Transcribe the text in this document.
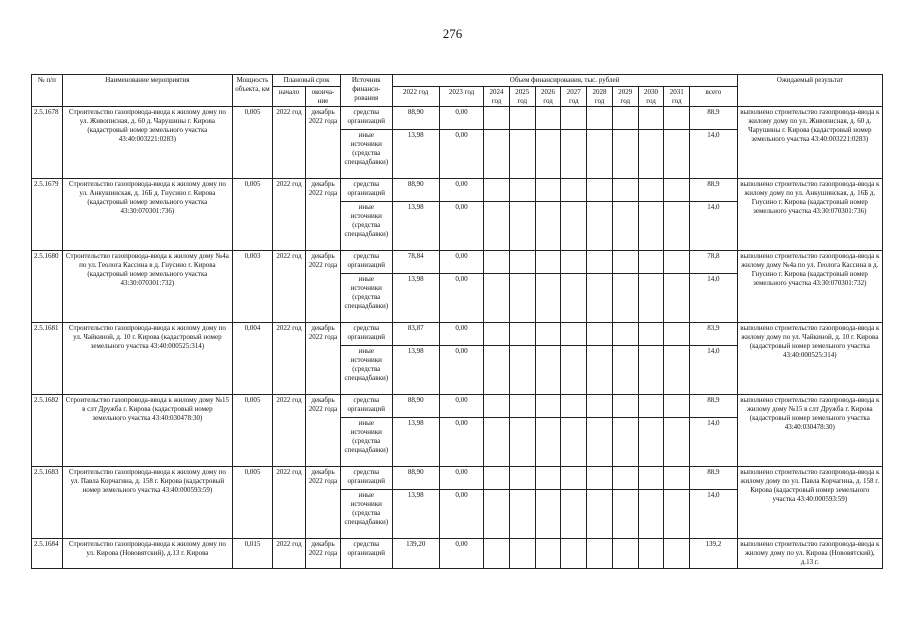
276
№ п/п	Наименование мероприятия	Мощность объекта, км	Плановый срок		Источник финанси-рования	Объем финансирования, тыс. рублей											Ожидаемый результат
			начало	оконча-ние		2022 год	2023 год	2024 год	2025 год	2026 год	2027 год	2028 год	2029 год	2030 год	2031 год	всего	
2.5.1678	Строительство газопровода-ввода к жилому дому по ул. Живописная, д. 60 д. Чарушины г. Кирова (кадастровый номер земельного участка 43:40:003221:0283)	0,005	2022 год	декабрь 2022 года	средства организаций	88,90	0,00									88,9	выполнено строительство газопровода-ввода к жилому дому по ул. Живописная, д. 60 д. Чарушины г. Кирова (кадастровый номер земельного участка 43:40:003221:0283)
					иные источники (средства спецнадбавки)	13,98	0,00									14,0	
2.5.1679	Строительство газопровода-ввода к жилому дому по ул. Анкушинская, д. 16Б д. Гнусино г. Кирова (кадастровый номер земельного участка 43:30:070301:736)	0,005	2022 год	декабрь 2022 года	средства организаций	88,90	0,00									88,9	выполнено строительство газопровода-ввода к жилому дому по ул. Анкушинская, д. 16Б д. Гнусино г. Кирова (кадастровый номер земельного участка 43:30:070301:736)
					иные источники (средства спецнадбавки)	13,98	0,00									14,0	
2.5.1680	Строительство газопровода-ввода к жилому дому №4а по ул. Геолога Кассина в д. Гнусино г. Кирова (кадастровый номер земельного участка 43:30:070301:732)	0,003	2022 год	декабрь 2022 года	средства организаций	78,84	0,00									78,8	выполнено строительство газопровода-ввода к жилому дому №4а по ул. Геолога Кассина в д. Гнусино г. Кирова (кадастровый номер земельного участка 43:30:070301:732)
					иные источники (средства спецнадбавки)	13,98	0,00									14,0	
2.5.1681	Строительство газопровода-ввода к жилому дому по ул. Чайкиной, д. 10 г. Кирова (кадастровый номер земельного участка 43:40:000525:314)	0,004	2022 год	декабрь 2022 года	средства организаций	83,87	0,00									83,9	выполнено строительство газопровода-ввода к жилому дому по ул. Чайкиной, д. 10 г. Кирова (кадастровый номер земельного участка 43:40:000525:314)
					иные источники (средства спецнадбавки)	13,98	0,00									14,0	
2.5.1682	Строительство газопровода-ввода к жилому дому №15 в слт Дружба г. Кирова (кадастровый номер земельного участка 43:40:030478:30)	0,005	2022 год	декабрь 2022 года	средства организаций	88,90	0,00									88,9	выполнено строительство газопровода-ввода к жилому дому №15 в слт Дружба г. Кирова (кадастровый номер земельного участка 43:40:030478:30)
					иные источники (средства спецнадбавки)	13,98	0,00									14,0	
2.5.1683	Строительство газопровода-ввода к жилому дому по ул. Павла Корчагина, д. 158 г. Кирова (кадастровый номер земельного участка 43:40:000593:59)	0,005	2022 год	декабрь 2022 года	средства организаций	88,90	0,00									88,9	выполнено строительство газопровода-ввода к жилому дому по ул. Павла Корчагина, д. 158 г. Кирова (кадастровый номер земельного участка 43:40:000593:59)
					иные источники (средства спецнадбавки)	13,98	0,00									14,0	
2.5.1684	Строительство газопровода-ввода к жилому дому по ул. Кирова (Нововятский), д.13 г. Кирова	0,015	2022 год	декабрь 2022 года	средства организаций	139,20	0,00									139,2	выполнено строительство газопровода-ввода к жилому дому по ул. Кирова (Нововятский), д.13 г.
